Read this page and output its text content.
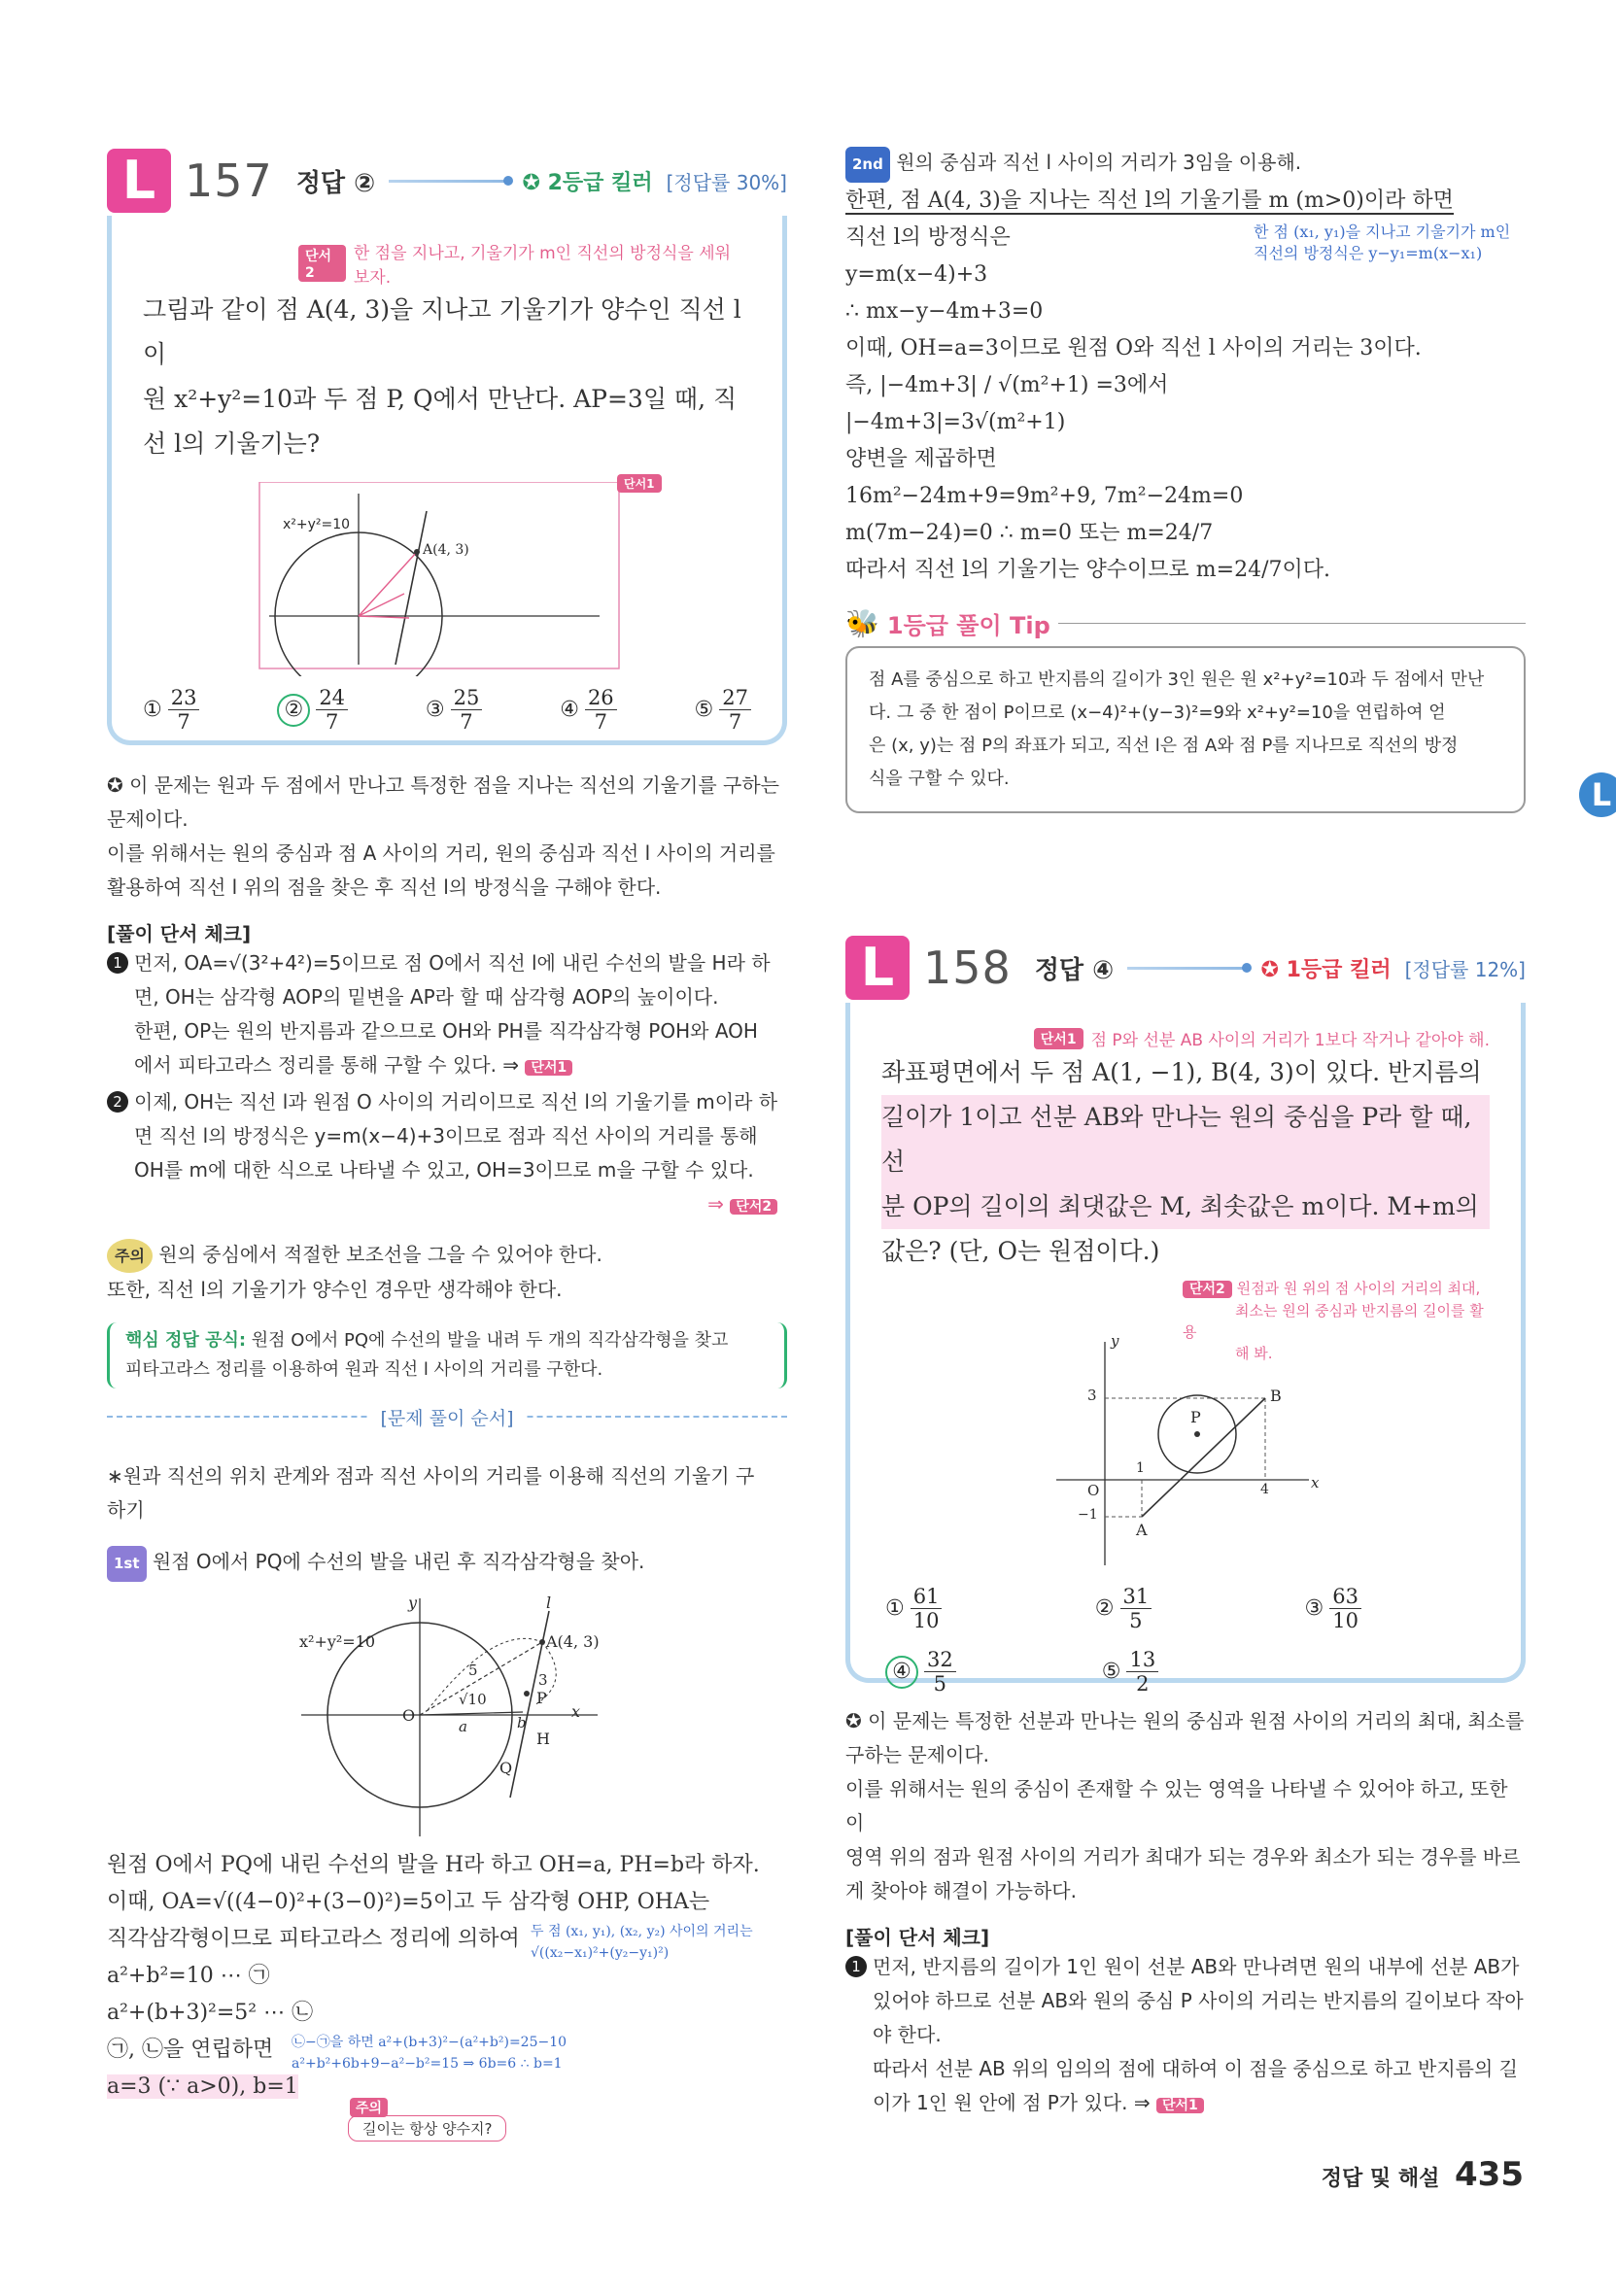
L 157 정답 ②	✪ 2등급 킬러 [정답률 30%]
단서2
한 점을 지나고, 기울기가 m인 직선의 방정식을 세워 보자.
그림과 같이 점 A(4, 3)을 지나고 기울기가 양수인 직선 l이
원 x²+y²=10과 두 점 P, Q에서 만난다. AP=3일 때, 직
선 l의 기울기는?
x²+y²=10
A(4, 3)
단서1
① $\frac{23}{7}$	② $\frac{24}{7}$	③ $\frac{25}{7}$	④ $\frac{26}{7}$	⑤ $\frac{27}{7}$
✪ 이 문제는 원과 두 점에서 만나고 특정한 점을 지나는 직선의 기울기를 구하는
문제이다.
이를 위해서는 원의 중심과 점 A 사이의 거리, 원의 중심과 직선 l 사이의 거리를
활용하여 직선 l 위의 점을 찾은 후 직선 l의 방정식을 구해야 한다.
[풀이 단서 체크]
1 먼저, OA=√(3²+4²)=5이므로 점 O에서 직선 l에 내린 수선의 발을 H라 하
면, OH는 삼각형 AOP의 밑변을 AP라 할 때 삼각형 AOP의 높이이다.
한편, OP는 원의 반지름과 같으므로 OH와 PH를 직각삼각형 POH와 AOH
에서 피타고라스 정리를 통해 구할 수 있다. ⇒ 단서1
2 이제, OH는 직선 l과 원점 O 사이의 거리이므로 직선 l의 기울기를 m이라 하
면 직선 l의 방정식은 y=m(x−4)+3이므로 점과 직선 사이의 거리를 통해
OH를 m에 대한 식으로 나타낼 수 있고, OH=3이므로 m을 구할 수 있다.
⇒ 단서2
주의 원의 중심에서 적절한 보조선을 그을 수 있어야 한다.
또한, 직선 l의 기울기가 양수인 경우만 생각해야 한다.
핵심 정답 공식: 원점 O에서 PQ에 수선의 발을 내려 두 개의 직각삼각형을 찾고
피타고라스 정리를 이용하여 원과 직선 l 사이의 거리를 구한다.
[문제 풀이 순서]
∗원과 직선의 위치 관계와 점과 직선 사이의 거리를 이용해 직선의 기울기 구
하기
1st 원점 O에서 PQ에 수선의 발을 내린 후 직각삼각형을 찾아.
x²+y²=10	A(4, 3)
5
3
√10
a	b
P
H
Q
O
l
x
y
원점 O에서 PQ에 내린 수선의 발을 H라 하고 OH=a, PH=b라 하자.
이때, OA=√((4−0)²+(3−0)²)=5이고 두 삼각형 OHP, OHA는
직각삼각형이므로 피타고라스 정리에 의하여 두 점 (x₁, y₁), (x₂, y₂) 사이의 거리는
√((x₂−x₁)²+(y₂−y₁)²)
a²+b²=10 ⋯ ㉠
a²+(b+3)²=5² ⋯ ㉡
㉠, ㉡을 연립하면 ㉡−㉠을 하면 a²+(b+3)²−(a²+b²)=25−10
a²+b²+6b+9−a²−b²=15 ⇒ 6b=6 ∴ b=1
a=3 (∵ a>0), b=1
주의
길이는 항상 양수지?
2nd 원의 중심과 직선 l 사이의 거리가 3임을 이용해.
한편, 점 A(4, 3)을 지나는 직선 l의 기울기를 m (m>0)이라 하면
직선 l의 방정식은
y=m(x−4)+3
∴ mx−y−4m+3=0
이때, OH=a=3이므로 원점 O와 직선 l 사이의 거리는 3이다.
즉, |−4m+3| / √(m²+1) =3에서
|−4m+3|=3√(m²+1)
양변을 제곱하면
16m²−24m+9=9m²+9, 7m²−24m=0
m(7m−24)=0 ∴ m=0 또는 m=24/7
따라서 직선 l의 기울기는 양수이므로 m=24/7이다.
한 점 (x₁, y₁)을 지나고 기울기가 m인
직선의 방정식은 y−y₁=m(x−x₁)
🐝 1등급 풀이 Tip
점 A를 중심으로 하고 반지름의 길이가 3인 원은 원 x²+y²=10과 두 점에서 만난
다. 그 중 한 점이 P이므로 (x−4)²+(y−3)²=9와 x²+y²=10을 연립하여 얻
은 (x, y)는 점 P의 좌표가 되고, 직선 l은 점 A와 점 P를 지나므로 직선의 방정
식을 구할 수 있다.
L 158 정답 ④	✪ 1등급 킬러 [정답률 12%]
단서1 점 P와 선분 AB 사이의 거리가 1보다 작거나 같아야 해.
좌표평면에서 두 점 A(1, −1), B(4, 3)이 있다. 반지름의
길이가 1이고 선분 AB와 만나는 원의 중심을 P라 할 때, 선
분 OP의 길이의 최댓값은 M, 최솟값은 m이다. M+m의
값은? (단, O는 원점이다.)
단서2 원점과 원 위의 점 사이의 거리의 최대,
최소는 원의 중심과 반지름의 길이를 활용
해 봐.
3	B
P
1
O	4	x
−1
A
y
① $\frac{61}{10}$	② $\frac{31}{5}$	③ $\frac{63}{10}$
④ $\frac{32}{5}$	⑤ $\frac{13}{2}$
✪ 이 문제는 특정한 선분과 만나는 원의 중심과 원점 사이의 거리의 최대, 최소를
구하는 문제이다.
이를 위해서는 원의 중심이 존재할 수 있는 영역을 나타낼 수 있어야 하고, 또한 이
영역 위의 점과 원점 사이의 거리가 최대가 되는 경우와 최소가 되는 경우를 바르
게 찾아야 해결이 가능하다.
[풀이 단서 체크]
1 먼저, 반지름의 길이가 1인 원이 선분 AB와 만나려면 원의 내부에 선분 AB가
있어야 하므로 선분 AB와 원의 중심 P 사이의 거리는 반지름의 길이보다 작아
야 한다.
따라서 선분 AB 위의 임의의 점에 대하여 이 점을 중심으로 하고 반지름의 길
이가 1인 원 안에 점 P가 있다. ⇒ 단서1
L
정답 및 해설 435
